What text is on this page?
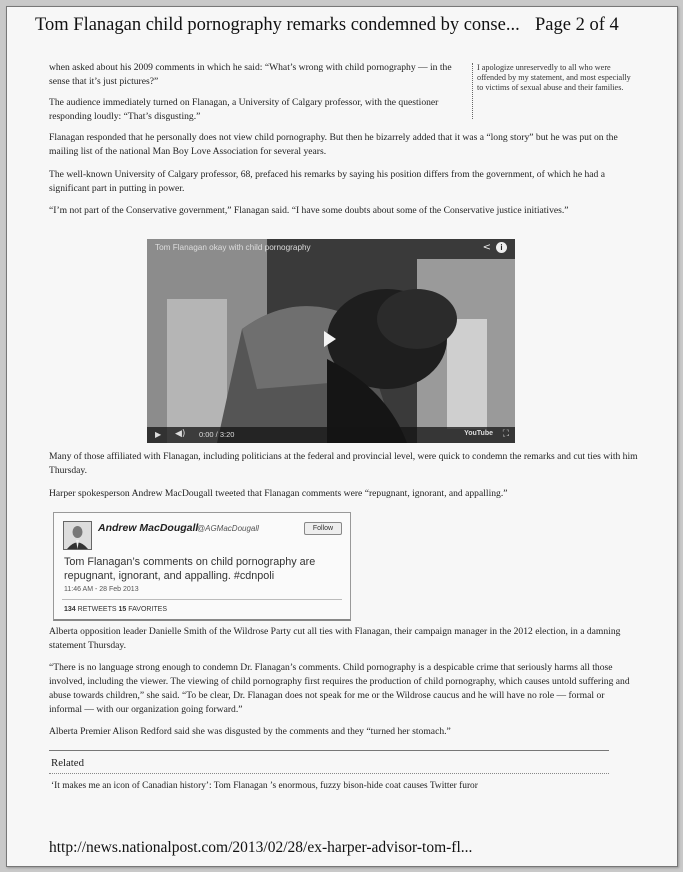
Tom Flanagan child pornography remarks condemned by conse... Page 2 of 4
when asked about his 2009 comments in which he said: “What’s wrong with child pornography — in the sense that it’s just pictures?”
I apologize unreservedly to all who were offended by my statement, and most especially to victims of sexual abuse and their families.
The audience immediately turned on Flanagan, a University of Calgary professor, with the questioner responding loudly: “That’s disgusting.”
Flanagan responded that he personally does not view child pornography. But then he bizarrely added that it was a “long story” but he was put on the mailing list of the national Man Boy Love Association for several years.
The well-known University of Calgary professor, 68, prefaced his remarks by saying his position differs from the government, of which he had a significant part in putting in power.
“I’m not part of the Conservative government,” Flanagan said. “I have some doubts about some of the Conservative justice initiatives.”
Tom Flanagan okay with child pornography	<	i
▶ ◀) 0:00 / 3:20	YouTube ⛶
Many of those affiliated with Flanagan, including politicians at the federal and provincial level, were quick to condemn the remarks and cut ties with him Thursday.
Harper spokesperson Andrew MacDougall tweeted that Flanagan comments were “repugnant, ignorant, and appalling.”
Andrew MacDougall
@AGMacDougall	Follow
Tom Flanagan’s comments on child pornography are repugnant, ignorant, and appalling. #cdnpoli
11:46 AM - 28 Feb 2013
134 RETWEETS 15 FAVORITES
Alberta opposition leader Danielle Smith of the Wildrose Party cut all ties with Flanagan, their campaign manager in the 2012 election, in a damning statement Thursday.
“There is no language strong enough to condemn Dr. Flanagan’s comments. Child pornography is a despicable crime that seriously harms all those involved, including the viewer. The viewing of child pornography first requires the production of child pornography, which causes untold suffering and abuse towards children,” she said. “To be clear, Dr. Flanagan does not speak for me or the Wildrose caucus and he will have no role — formal or informal — with our organization going forward.”
Alberta Premier Alison Redford said she was disgusted by the comments and they “turned her stomach.”
Related
‘It makes me an icon of Canadian history’: Tom Flanagan ’s enormous, fuzzy bison-hide coat causes Twitter furor
http://news.nationalpost.com/2013/02/28/ex-harper-advisor-tom-fl...
